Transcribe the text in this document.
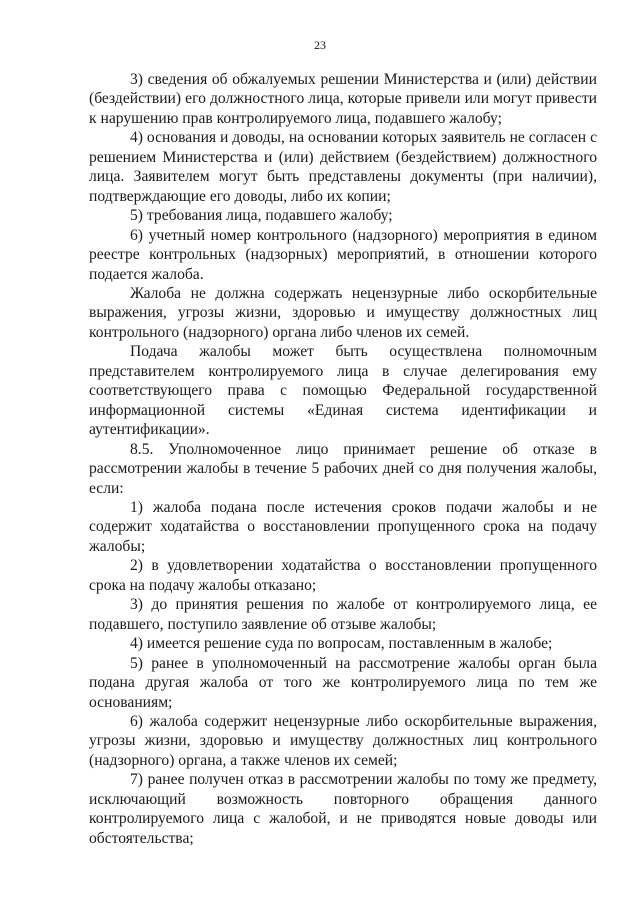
23

3) сведения об обжалуемых решении Министерства и (или) действии (бездействии) его должностного лица, которые привели или могут привести к нарушению прав контролируемого лица, подавшего жалобу;

4) основания и доводы, на основании которых заявитель не согласен с решением Министерства и (или) действием (бездействием) должностного лица. Заявителем могут быть представлены документы (при наличии), подтверждающие его доводы, либо их копии;

5) требования лица, подавшего жалобу;

6) учетный номер контрольного (надзорного) мероприятия в едином реестре контрольных (надзорных) мероприятий, в отношении которого подается жалоба.

Жалоба не должна содержать нецензурные либо оскорбительные выражения, угрозы жизни, здоровью и имуществу должностных лиц контрольного (надзорного) органа либо членов их семей.

Подача жалобы может быть осуществлена полномочным представителем контролируемого лица в случае делегирования ему соответствующего права с помощью Федеральной государственной информационной системы «Единая система идентификации и аутентификации».

8.5. Уполномоченное лицо принимает решение об отказе в рассмотрении жалобы в течение 5 рабочих дней со дня получения жалобы, если:

1) жалоба подана после истечения сроков подачи жалобы и не содержит ходатайства о восстановлении пропущенного срока на подачу жалобы;

2) в удовлетворении ходатайства о восстановлении пропущенного срока на подачу жалобы отказано;

3) до принятия решения по жалобе от контролируемого лица, ее подавшего, поступило заявление об отзыве жалобы;

4) имеется решение суда по вопросам, поставленным в жалобе;

5) ранее в уполномоченный на рассмотрение жалобы орган была подана другая жалоба от того же контролируемого лица по тем же основаниям;

6) жалоба содержит нецензурные либо оскорбительные выражения, угрозы жизни, здоровью и имуществу должностных лиц контрольного (надзорного) органа, а также членов их семей;

7) ранее получен отказ в рассмотрении жалобы по тому же предмету, исключающий возможность повторного обращения данного контролируемого лица с жалобой, и не приводятся новые доводы или обстоятельства;
